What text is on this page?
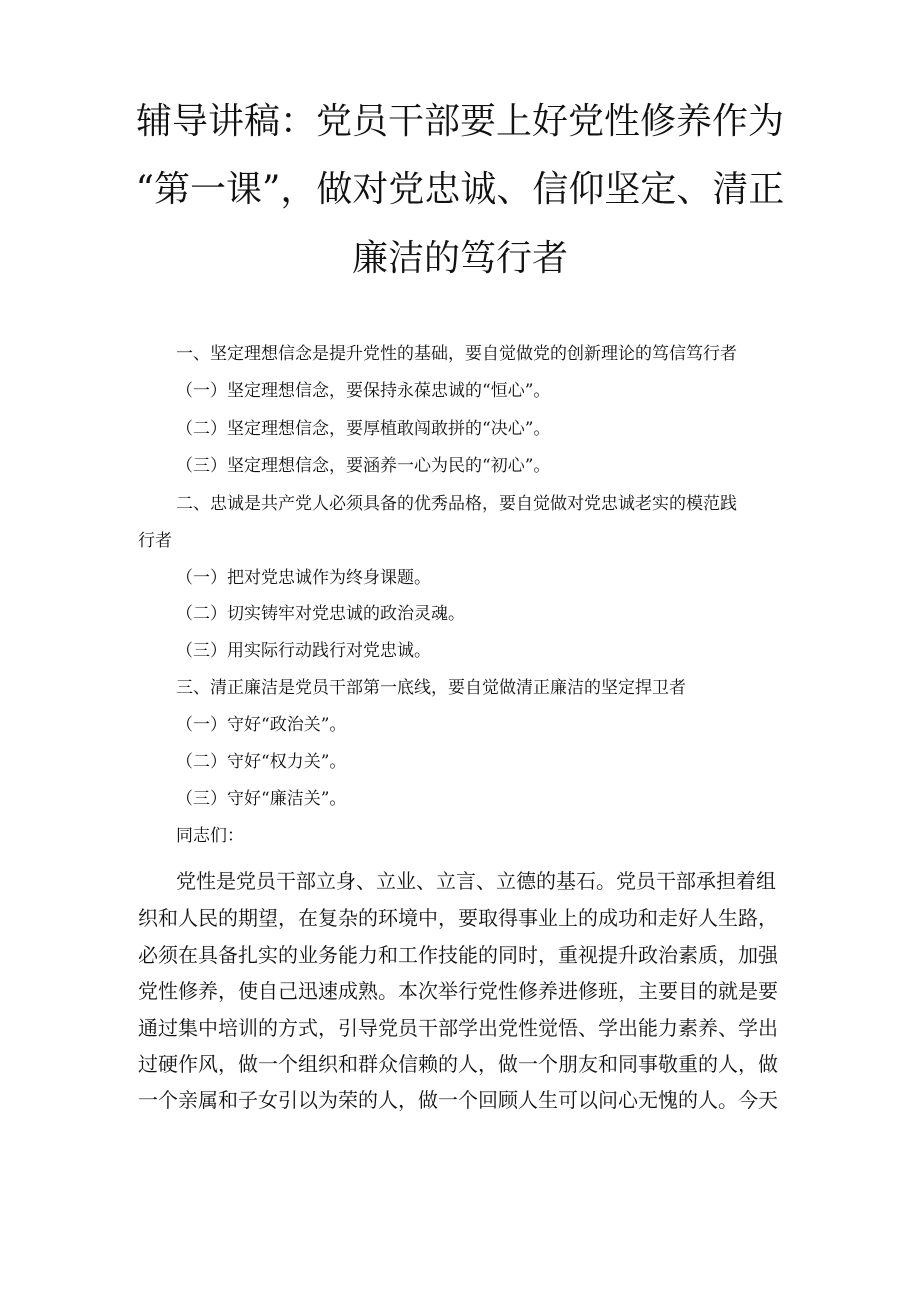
辅导讲稿：党员干部要上好党性修养作为
“第一课”，做对党忠诚、信仰坚定、清正
廉洁的笃行者
一、坚定理想信念是提升党性的基础，要自觉做党的创新理论的笃信笃行者
（一）坚定理想信念，要保持永葆忠诚的“恒心”。
（二）坚定理想信念，要厚植敢闯敢拼的“决心”。
（三）坚定理想信念，要涵养一心为民的“初心”。
二、忠诚是共产党人必须具备的优秀品格，要自觉做对党忠诚老实的模范践
行者
（一）把对党忠诚作为终身课题。
（二）切实铸牢对党忠诚的政治灵魂。
（三）用实际行动践行对党忠诚。
三、清正廉洁是党员干部第一底线，要自觉做清正廉洁的坚定捍卫者
（一）守好“政治关”。
（二）守好“权力关”。
（三）守好“廉洁关”。
同志们：
党性是党员干部立身、立业、立言、立德的基石。党员干部承担着组
织和人民的期望，在复杂的环境中，要取得事业上的成功和走好人生路，
必须在具备扎实的业务能力和工作技能的同时，重视提升政治素质，加强
党性修养，使自己迅速成熟。本次举行党性修养进修班，主要目的就是要
通过集中培训的方式，引导党员干部学出党性觉悟、学出能力素养、学出
过硬作风，做一个组织和群众信赖的人，做一个朋友和同事敬重的人，做
一个亲属和子女引以为荣的人，做一个回顾人生可以问心无愧的人。今天
